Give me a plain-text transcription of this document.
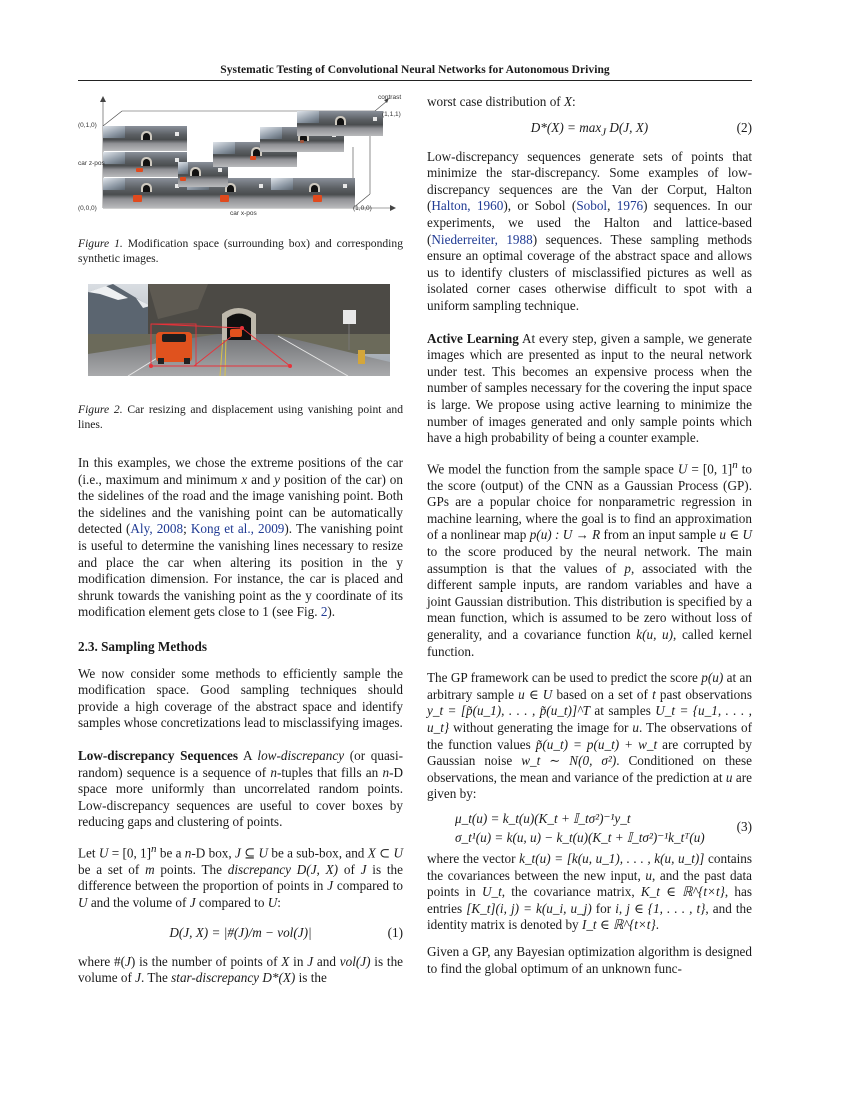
Systematic Testing of Convolutional Neural Networks for Autonomous Driving
(0,1,0)
car z-pos
(0,0,0)
car x-pos
(1,0,0)
contrast
(1,1,1)
Figure 1. Modification space (surrounding box) and corresponding synthetic images.
Figure 2. Car resizing and displacement using vanishing point and lines.

In this examples, we chose the extreme positions of the car (i.e., maximum and minimum x and y position of the car) on the sidelines of the road and the image vanishing point. Both the sidelines and the vanishing point can be automatically detected (Aly, 2008; Kong et al., 2009). The vanishing point is useful to determine the vanishing lines necessary to resize and place the car when altering its position in the y modification dimension. For instance, the car is placed and shrunk towards the vanishing point as the y coordinate of its modification element gets close to 1 (see Fig. 2).

2.3. Sampling Methods

We now consider some methods to efficiently sample the modification space. Good sampling techniques should provide a high coverage of the abstract space and identify samples whose concretizations lead to misclassifying images.

Low-discrepancy Sequences A low-discrepancy (or quasi-random) sequence is a sequence of n-tuples that fills an n-D space more uniformly than uncorrelated random points. Low-discrepancy sequences are useful to cover boxes by reducing gaps and clustering of points.

Let U = [0, 1]$^n$ be a n-D box, J ⊆ U be a sub-box, and X ⊂ U be a set of m points. The discrepancy D(J, X) of J is the difference between the proportion of points in J compared to U and the volume of J compared to U:

D(J, X) = |#(J)/m − vol(J)|	(1)

where #(J) is the number of points of X in J and vol(J) is the volume of J. The star-discrepancy D*(X) is the

worst case distribution of X:

$D*(X) = \max_J D(J$, X)	(2)

Low-discrepancy sequences generate sets of points that minimize the star-discrepancy. Some examples of low-discrepancy sequences are the Van der Corput, Halton (Halton, 1960), or Sobol (Sobol, 1976) sequences. In our experiments, we used the Halton and lattice-based (Niederreiter, 1988) sequences. These sampling methods ensure an optimal coverage of the abstract space and allows us to identify clusters of misclassified pictures as well as isolated corner cases otherwise difficult to spot with a uniform sampling technique.

Active Learning At every step, given a sample, we generate images which are presented as input to the neural network under test. This becomes an expensive process when the number of samples necessary for the covering the input space is large. We propose using active learning to minimize the number of images generated and only sample points which have a high probability of being a counter example.

We model the function from the sample space U = [0, 1]$^n$ to the score (output) of the CNN as a Gaussian Process (GP). GPs are a popular choice for nonparametric regression in machine learning, where the goal is to find an approximation of a nonlinear map p(u) : U → R from an input sample u ∈ U to the score produced by the neural network. The main assumption is that the values of p, associated with the different sample inputs, are random variables and have a joint Gaussian distribution. This distribution is specified by a mean function, which is assumed to be zero without loss of generality, and a covariance function k(u, u), called kernel function.

The GP framework can be used to predict the score p(u) at an arbitrary sample u ∈ U based on a set of t past observations y_t = [p̃(u_1), . . . , p̃(u_t)]^T at samples U_t = {u_1, . . . , u_t} without generating the image for u. The observations of the function values p̃(u_t) = p(u_t) + w_t are corrupted by Gaussian noise w_t ∼ N(0, σ²). Conditioned on these observations, the mean and variance of the prediction at u are given by:

μ_t(u) = k_t(u)(K_t + 𝕀_tσ²)⁻¹y_t
σ_t¹(u) = k(u, u) − k_t(u)(K_t + 𝕀_tσ²)⁻¹k_tᵀ(u)
(3)

where the vector k_t(u) = [k(u, u_1), . . . , k(u, u_t)] contains the covariances between the new input, u, and the past data points in U_t, the covariance matrix, K_t ∈ ℝ^{t×t}, has entries [K_t](i, j) = k(u_i, u_j) for i, j ∈ {1, . . . , t}, and the identity matrix is denoted by I_t ∈ ℝ^{t×t}.

Given a GP, any Bayesian optimization algorithm is designed to find the global optimum of an unknown func-
